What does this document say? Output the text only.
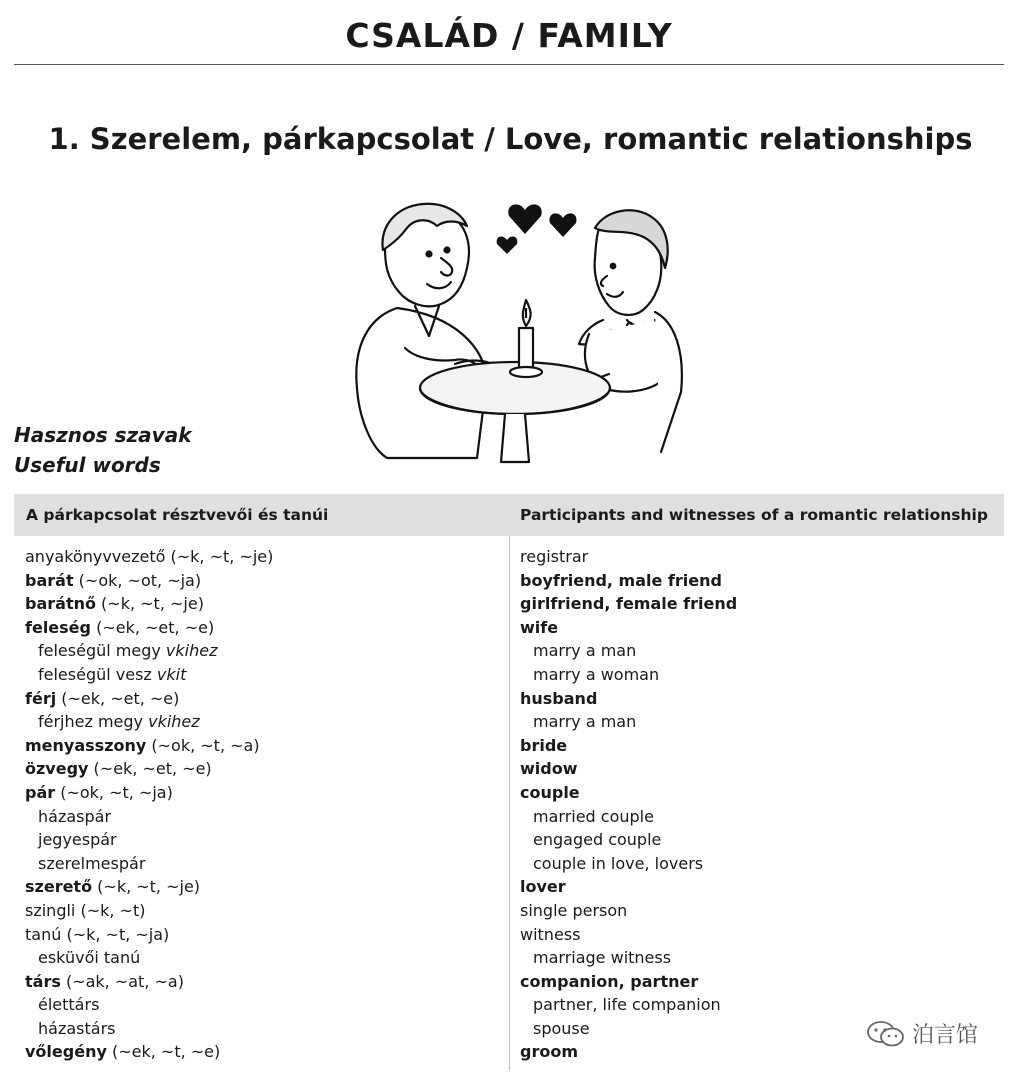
CSALÁD / FAMILY
1. Szerelem, párkapcsolat / Love, romantic relationships
Hasznos szavak
Useful words
A párkapcsolat résztvevői és tanúi	Participants and witnesses of a romantic relationship
anyakönyvvezető (~k, ~t, ~je)
barát (~ok, ~ot, ~ja)
barátnő (~k, ~t, ~je)
feleség (~ek, ~et, ~e)
feleségül megy vkihez
feleségül vesz vkit
férj (~ek, ~et, ~e)
férjhez megy vkihez
menyasszony (~ok, ~t, ~a)
özvegy (~ek, ~et, ~e)
pár (~ok, ~t, ~ja)
házaspár
jegyespár
szerelmespár
szerető (~k, ~t, ~je)
szingli (~k, ~t)
tanú (~k, ~t, ~ja)
esküvői tanú
társ (~ak, ~at, ~a)
élettárs
házastárs
vőlegény (~ek, ~t, ~e)
registrar
boyfriend, male friend
girlfriend, female friend
wife
marry a man
marry a woman
husband
marry a man
bride
widow
couple
married couple
engaged couple
couple in love, lovers
lover
single person
witness
marriage witness
companion, partner
partner, life companion
spouse
groom
泊言馆
